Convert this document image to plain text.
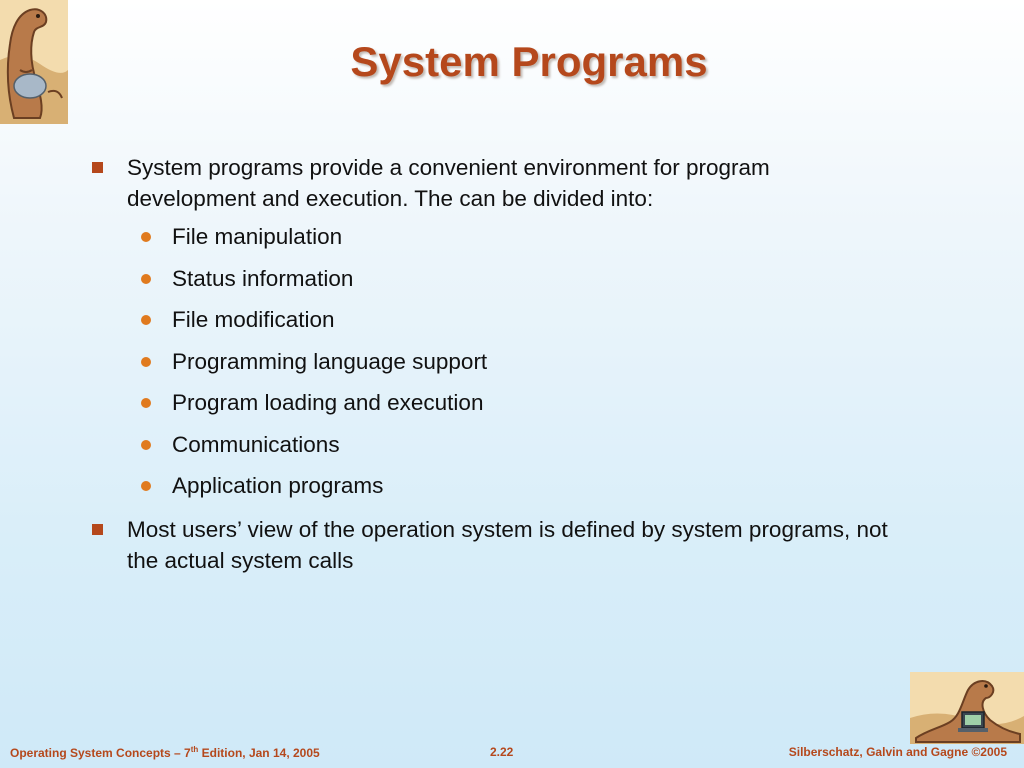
System Programs
System programs provide a convenient environment for program development and execution. The can be divided into:
File manipulation
Status information
File modification
Programming language support
Program loading and execution
Communications
Application programs
Most users’ view of the operation system is defined by system programs, not the actual system calls
Operating System Concepts – 7th Edition, Jan 14, 2005	2.22	Silberschatz, Galvin and Gagne ©2005
